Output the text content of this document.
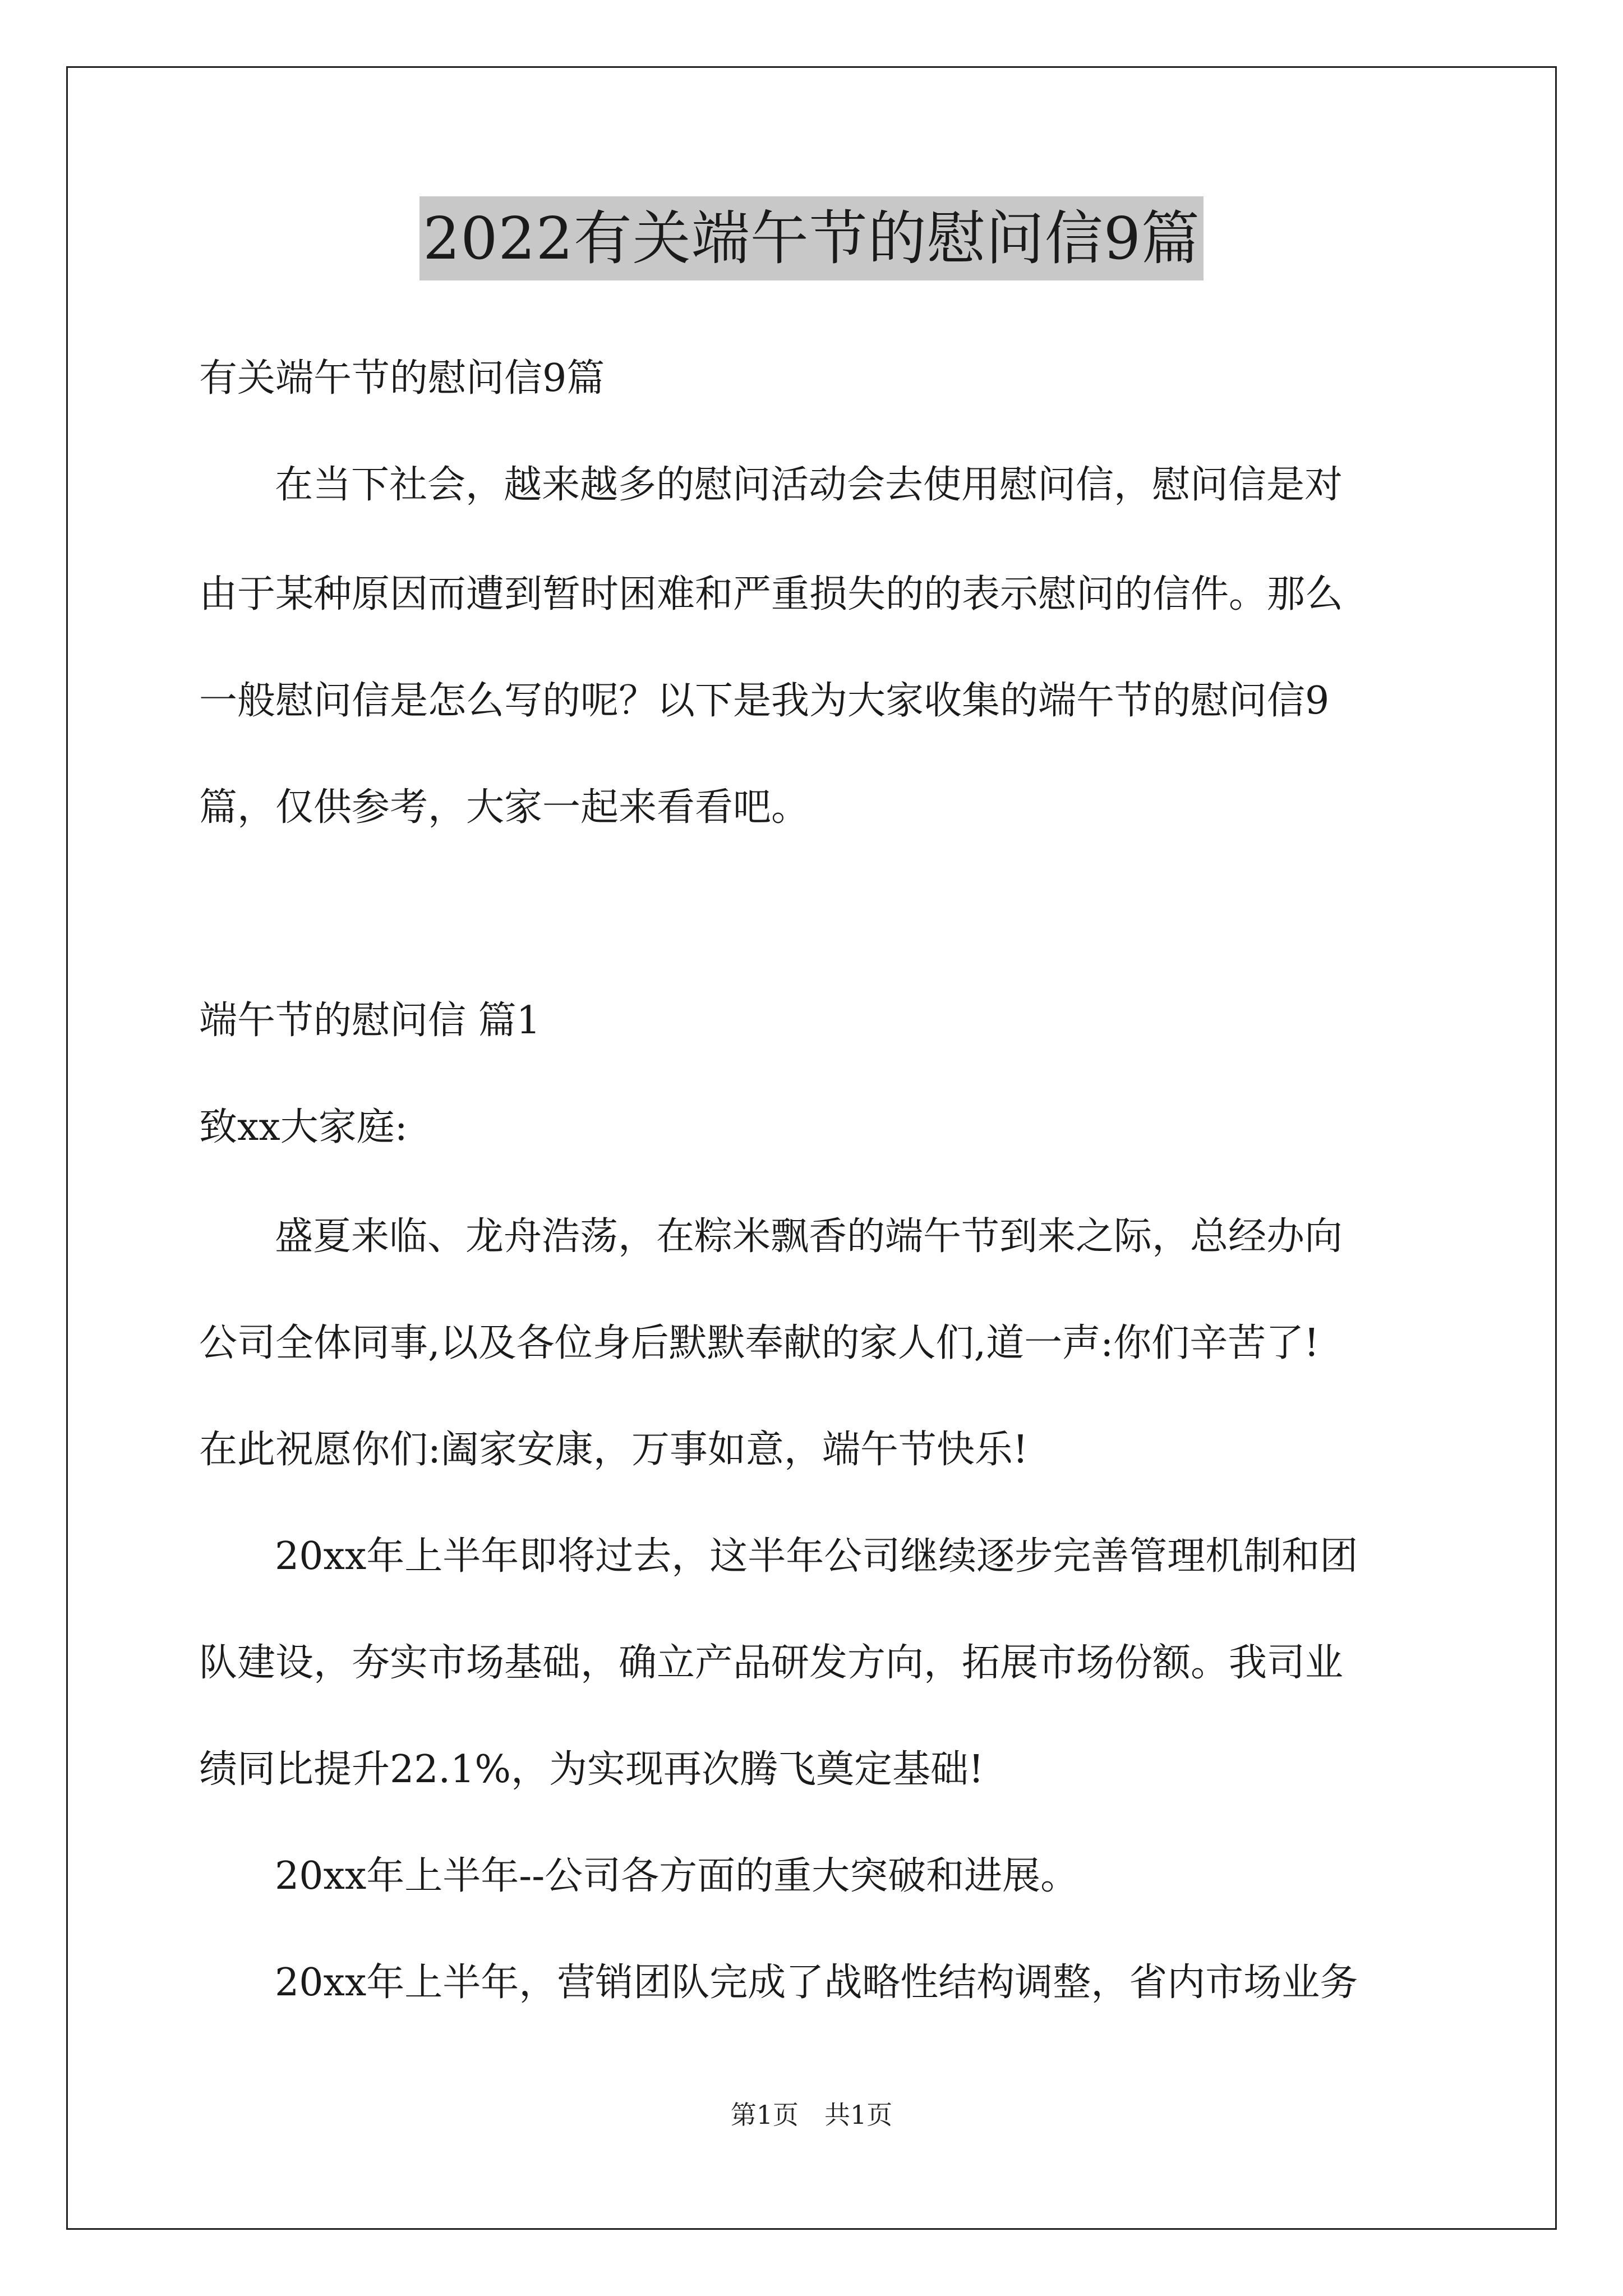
2022有关端午节的慰问信9篇
有关端午节的慰问信9篇
在当下社会，越来越多的慰问活动会去使用慰问信，慰问信是对
由于某种原因而遭到暂时困难和严重损失的的表示慰问的信件。那么
一般慰问信是怎么写的呢？以下是我为大家收集的端午节的慰问信9
篇，仅供参考，大家一起来看看吧。
端午节的慰问信 篇1
致xx大家庭:
盛夏来临、龙舟浩荡，在粽米飘香的端午节到来之际，总经办向
公司全体同事,以及各位身后默默奉献的家人们,道一声:你们辛苦了!
在此祝愿你们:阖家安康，万事如意，端午节快乐!
20xx年上半年即将过去，这半年公司继续逐步完善管理机制和团
队建设，夯实市场基础，确立产品研发方向，拓展市场份额。我司业
绩同比提升22.1%，为实现再次腾飞奠定基础!
20xx年上半年--公司各方面的重大突破和进展。
20xx年上半年，营销团队完成了战略性结构调整，省内市场业务
第1页　共1页
